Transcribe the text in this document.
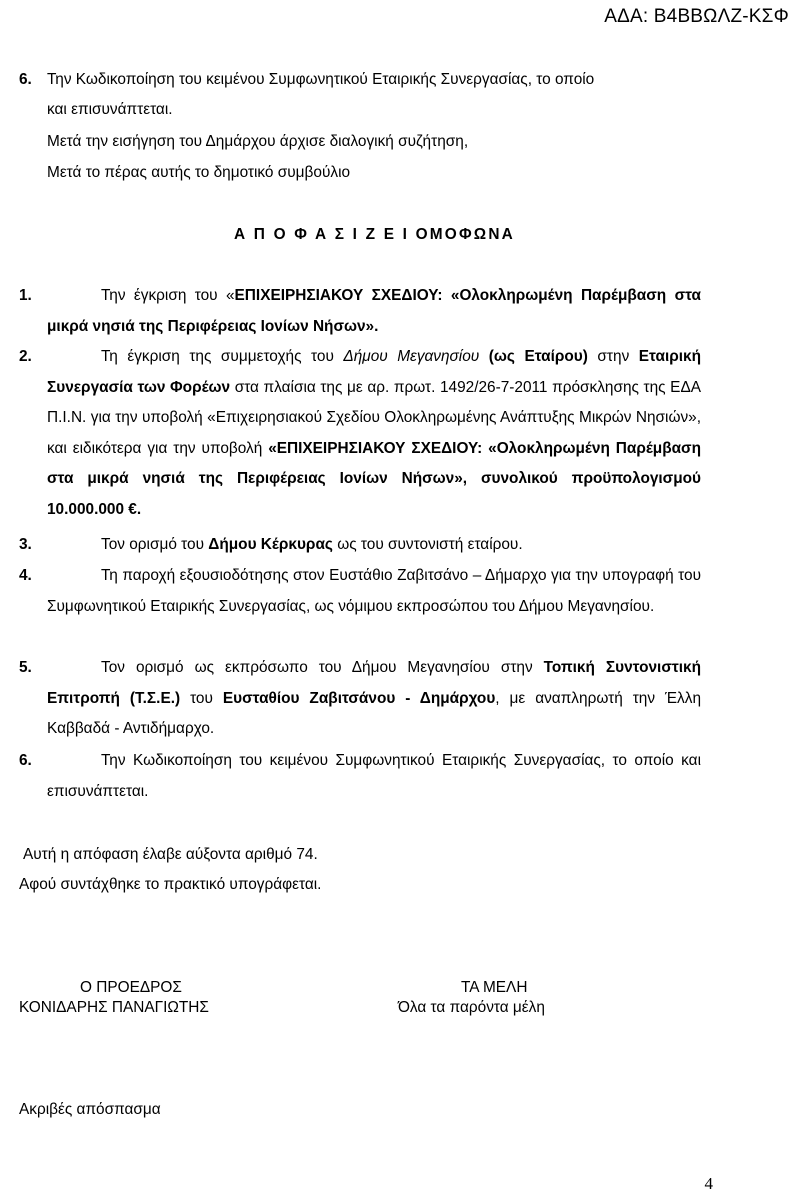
ΑΔΑ: Β4ΒΒΩΛΖ-ΚΣΦ
6. Την Κωδικοποίηση του κειμένου Συμφωνητικού Εταιρικής Συνεργασίας, το οποίο
και επισυνάπτεται.
Μετά την εισήγηση του Δημάρχου άρχισε διαλογική συζήτηση,
Μετά το πέρας αυτής το δημοτικό συμβούλιο
Α Π Ο Φ Α Σ Ι Ζ Ε Ι ΟΜΟΦΩΝΑ
1.	Την έγκριση του «ΕΠΙΧΕΙΡΗΣΙΑΚΟΥ ΣΧΕΔΙΟΥ: «Ολοκληρωμένη Παρέμβαση στα μικρά νησιά της Περιφέρειας Ιονίων Νήσων».
2.	Τη έγκριση της συμμετοχής του Δήμου Μεγανησίου (ως Εταίρου) στην Εταιρική Συνεργασία των Φορέων στα πλαίσια της με αρ. πρωτ. 1492/26-7-2011 πρόσκλησης της ΕΔΑ Π.Ι.Ν. για την υποβολή «Επιχειρησιακού Σχεδίου Ολοκληρωμένης Ανάπτυξης Μικρών Νησιών», και ειδικότερα για την υποβολή «ΕΠΙΧΕΙΡΗΣΙΑΚΟΥ ΣΧΕΔΙΟΥ: «Ολοκληρωμένη Παρέμβαση στα μικρά νησιά της Περιφέρειας Ιονίων Νήσων», συνολικού προϋπολογισμού 10.000.000 €.
3.	Τον ορισμό του Δήμου Κέρκυρας ως του συντονιστή εταίρου.
4.	Τη παροχή εξουσιοδότησης στον Ευστάθιο Ζαβιτσάνο – Δήμαρχο για την υπογραφή του Συμφωνητικού Εταιρικής Συνεργασίας, ως νόμιμου εκπροσώπου του Δήμου Μεγανησίου.
5.	Τον ορισμό ως εκπρόσωπο του Δήμου Μεγανησίου στην Τοπική Συντονιστική Επιτροπή (Τ.Σ.Ε.) του Ευσταθίου Ζαβιτσάνου - Δημάρχου, με αναπληρωτή την Έλλη Καββαδά - Αντιδήμαρχο.
6.	Την Κωδικοποίηση του κειμένου Συμφωνητικού Εταιρικής Συνεργασίας, το οποίο και επισυνάπτεται.
Αυτή η απόφαση έλαβε αύξοντα αριθμό 74.
Αφού συντάχθηκε το πρακτικό υπογράφεται.
Ο ΠΡΟΕΔΡΟΣ
ΚΟΝΙΔΑΡΗΣ ΠΑΝΑΓΙΩΤΗΣ
ΤΑ ΜΕΛΗ
Όλα τα παρόντα μέλη
Ακριβές απόσπασμα
4
